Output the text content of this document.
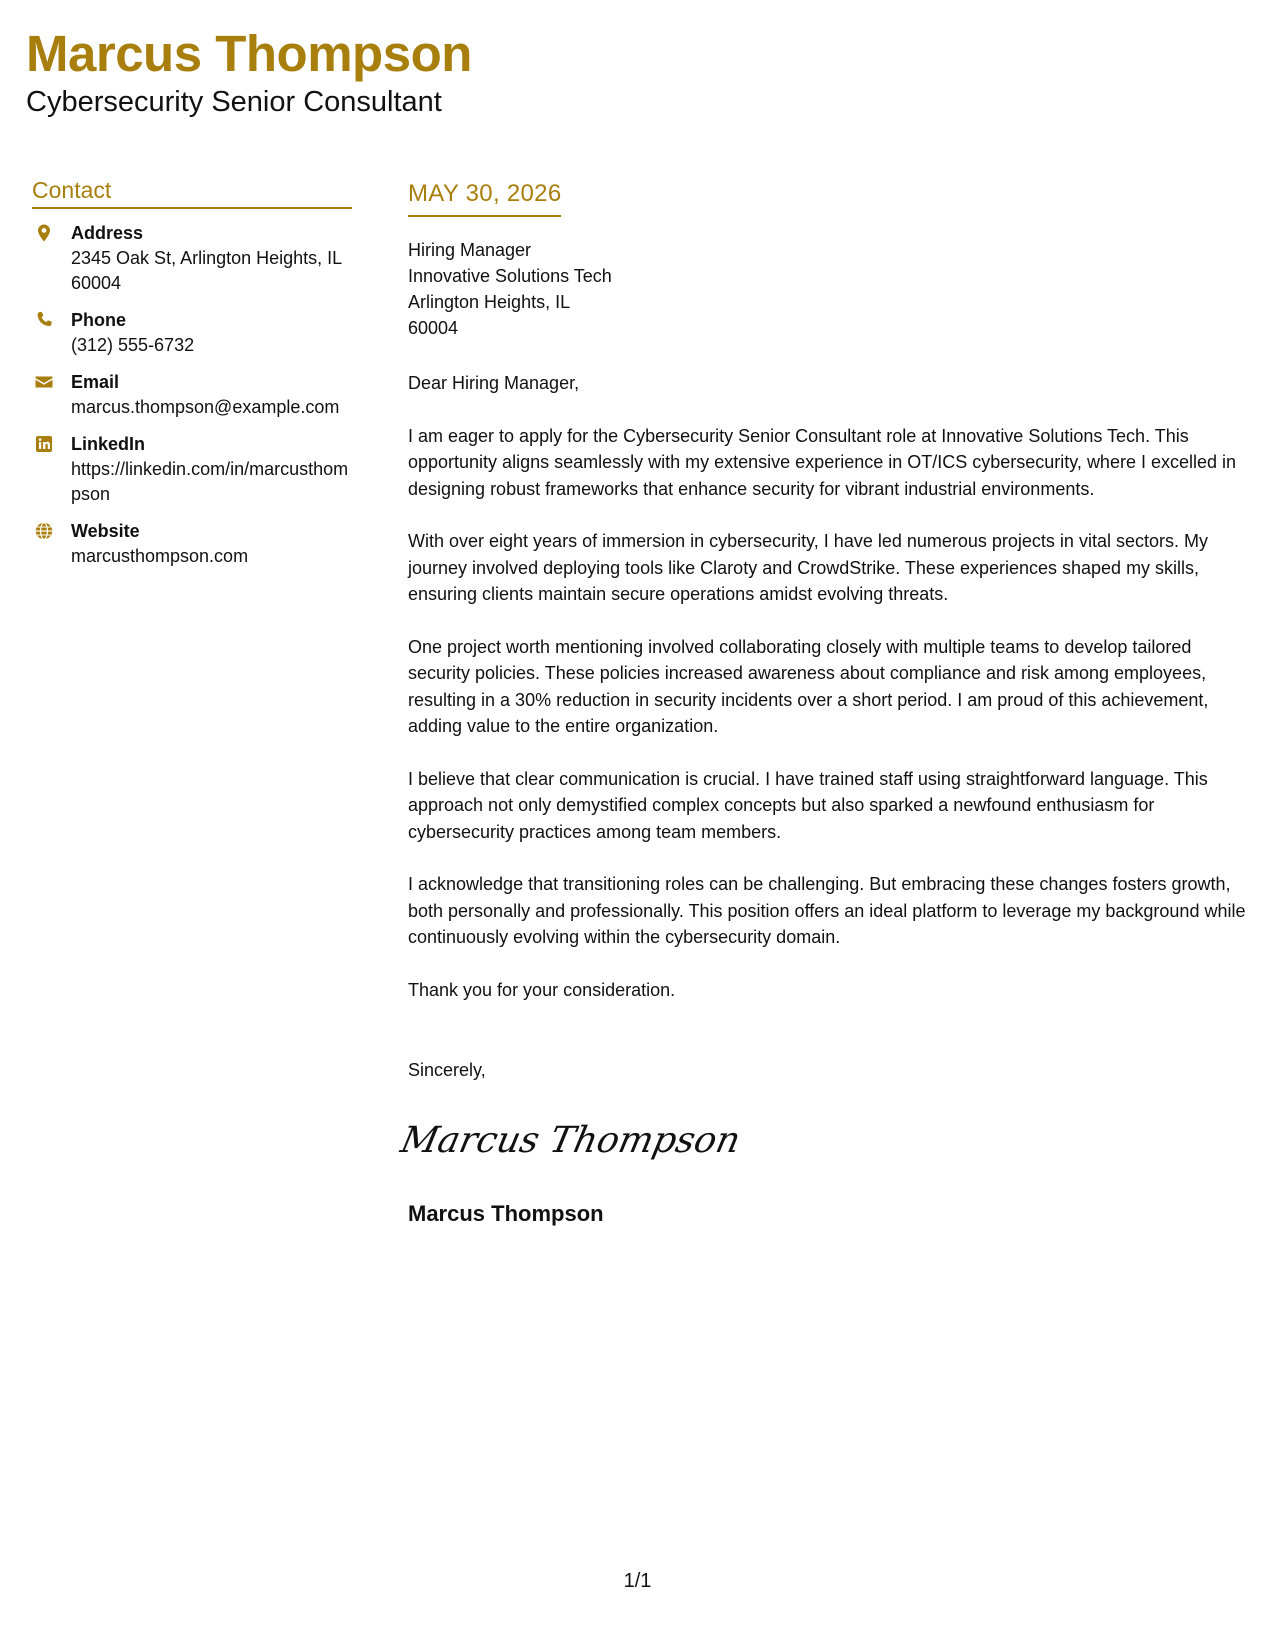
Marcus Thompson
Cybersecurity Senior Consultant
Contact
Address
2345 Oak St, Arlington Heights, IL 60004
Phone
(312) 555-6732
Email
marcus.thompson@example.com
LinkedIn
https://linkedin.com/in/marcusthompson
Website
marcusthompson.com
MAY 30, 2026
Hiring Manager
Innovative Solutions Tech
Arlington Heights, IL
60004
Dear Hiring Manager,
I am eager to apply for the Cybersecurity Senior Consultant role at Innovative Solutions Tech. This opportunity aligns seamlessly with my extensive experience in OT/ICS cybersecurity, where I excelled in designing robust frameworks that enhance security for vibrant industrial environments.
With over eight years of immersion in cybersecurity, I have led numerous projects in vital sectors. My journey involved deploying tools like Claroty and CrowdStrike. These experiences shaped my skills, ensuring clients maintain secure operations amidst evolving threats.
One project worth mentioning involved collaborating closely with multiple teams to develop tailored security policies. These policies increased awareness about compliance and risk among employees, resulting in a 30% reduction in security incidents over a short period. I am proud of this achievement, adding value to the entire organization.
I believe that clear communication is crucial. I have trained staff using straightforward language. This approach not only demystified complex concepts but also sparked a newfound enthusiasm for cybersecurity practices among team members.
I acknowledge that transitioning roles can be challenging. But embracing these changes fosters growth, both personally and professionally. This position offers an ideal platform to leverage my background while continuously evolving within the cybersecurity domain.
Thank you for your consideration.
Sincerely,
Marcus Thompson
Marcus Thompson
1/1
